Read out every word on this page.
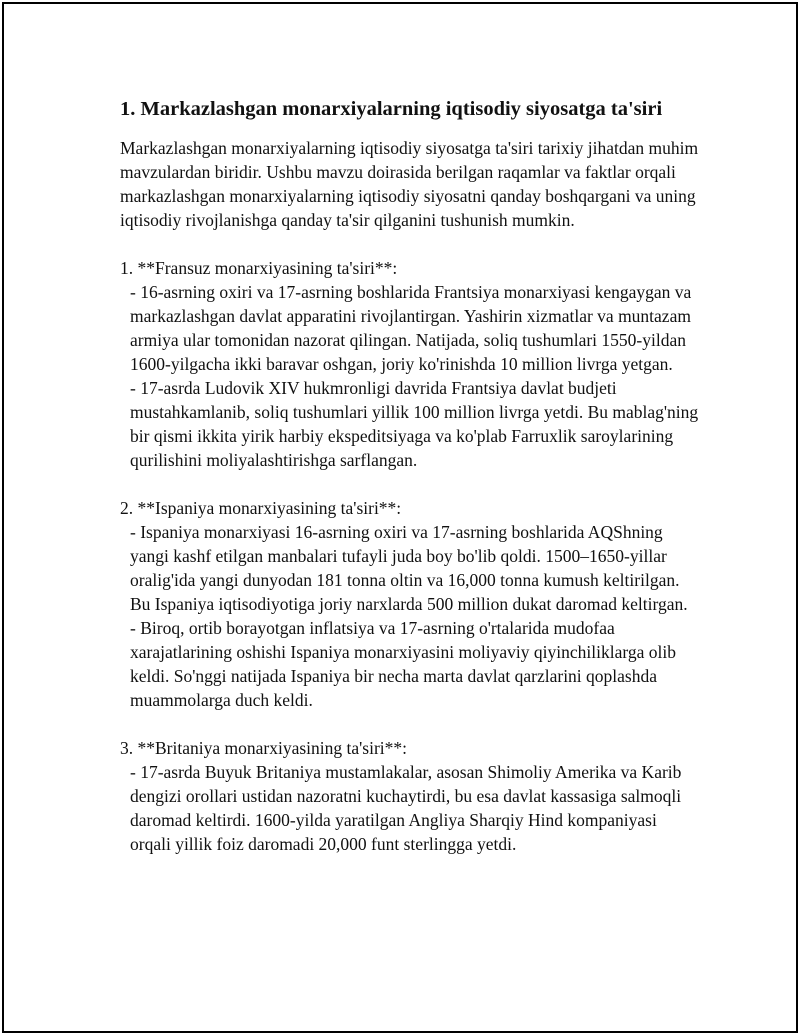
1. Markazlashgan monarxiyalarning iqtisodiy siyosatga ta'siri

Markazlashgan monarxiyalarning iqtisodiy siyosatga ta'siri tarixiy jihatdan muhim mavzulardan biridir. Ushbu mavzu doirasida berilgan raqamlar va faktlar orqali markazlashgan monarxiyalarning iqtisodiy siyosatni qanday boshqargani va uning iqtisodiy rivojlanishga qanday ta'sir qilganini tushunish mumkin.

1. **Fransuz monarxiyasining ta'siri**:

- 16-asrning oxiri va 17-asrning boshlarida Frantsiya monarxiyasi kengaygan va markazlashgan davlat apparatini rivojlantirgan. Yashirin xizmatlar va muntazam armiya ular tomonidan nazorat qilingan. Natijada, soliq tushumlari 1550-yildan 1600-yilgacha ikki baravar oshgan, joriy ko'rinishda 10 million livrga yetgan.

- 17-asrda Ludovik XIV hukmronligi davrida Frantsiya davlat budjeti mustahkamlanib, soliq tushumlari yillik 100 million livrga yetdi. Bu mablag'ning bir qismi ikkita yirik harbiy ekspeditsiyaga va ko'plab Farruxlik saroylarining qurilishini moliyalashtirishga sarflangan.

2. **Ispaniya monarxiyasining ta'siri**:

- Ispaniya monarxiyasi 16-asrning oxiri va 17-asrning boshlarida AQShning yangi kashf etilgan manbalari tufayli juda boy bo'lib qoldi. 1500–1650-yillar oralig'ida yangi dunyodan 181 tonna oltin va 16,000 tonna kumush keltirilgan. Bu Ispaniya iqtisodiyotiga joriy narxlarda 500 million dukat daromad keltirgan.

- Biroq, ortib borayotgan inflatsiya va 17-asrning o'rtalarida mudofaa xarajatlarining oshishi Ispaniya monarxiyasini moliyaviy qiyinchiliklarga olib keldi. So'nggi natijada Ispaniya bir necha marta davlat qarzlarini qoplashda muammolarga duch keldi.

3. **Britaniya monarxiyasining ta'siri**:

- 17-asrda Buyuk Britaniya mustamlakalar, asosan Shimoliy Amerika va Karib dengizi orollari ustidan nazoratni kuchaytirdi, bu esa davlat kassasiga salmoqli daromad keltirdi. 1600-yilda yaratilgan Angliya Sharqiy Hind kompaniyasi orqali yillik foiz daromadi 20,000 funt sterlingga yetdi.
